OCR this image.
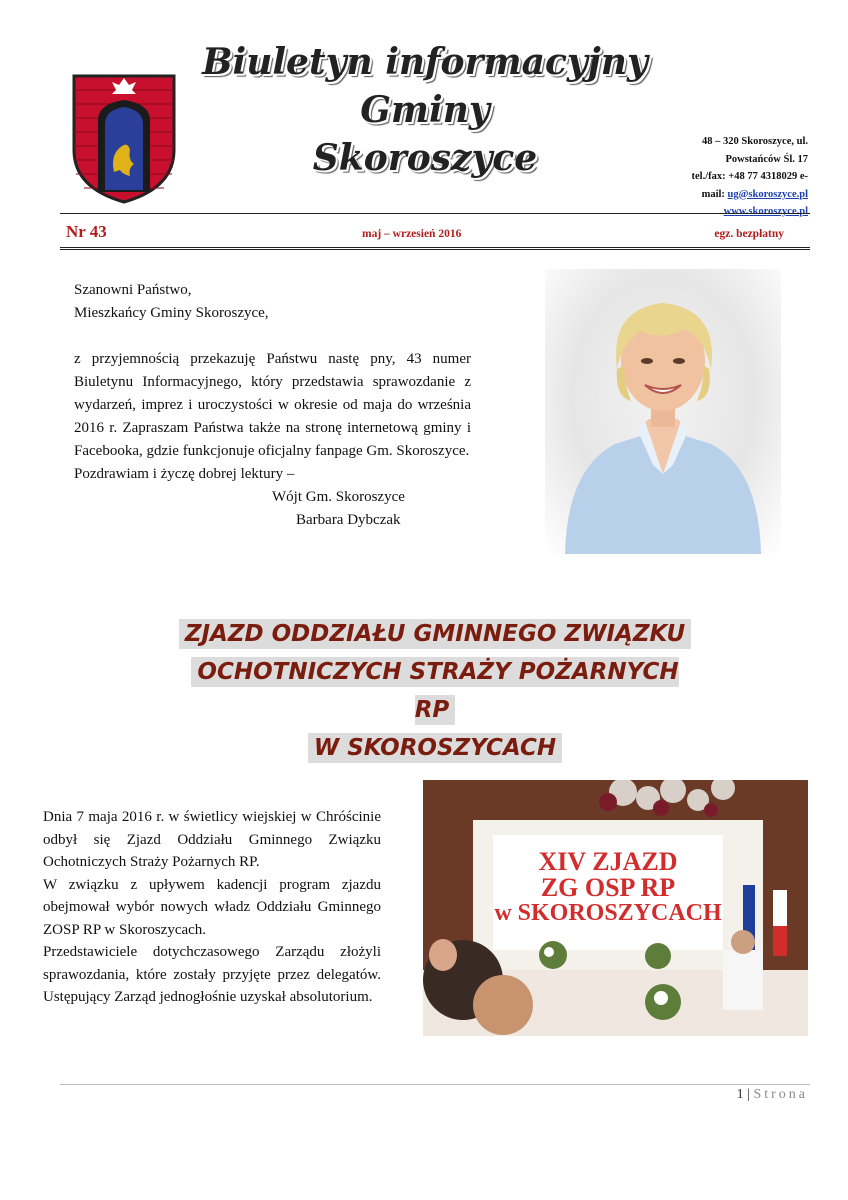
Biuletyn informacyjny
Gminy
Skoroszyce	48 – 320 Skoroszyce, ul.
Powstańców Śl. 17
tel./fax: +48 77 4318029 e-
mail: ug@skoroszyce.pl
www.skoroszyce.pl
Nr 43	maj – wrzesień 2016	egz. bezpłatny

Szanowni Państwo,

Mieszkańcy Gminy Skoroszyce,

z przyjemnością przekazuję Państwu nastę pny, 43 numer Biuletynu Informacyjnego, który przedstawia sprawozdanie z wydarzeń, imprez i uroczystości w okresie od maja do września 2016 r. Zapraszam Państwa także na stronę internetową gminy i Facebooka, gdzie funkcjonuje oficjalny fanpage Gm. Skoroszyce.

Pozdrawiam i życzę dobrej lektury –

Wójt Gm. Skoroszyce

Barbara Dybczak

ZJAZD ODDZIAŁU GMINNEGO ZWIĄZKU
OCHOTNICZYCH STRAŻY POŻARNYCH RP
W SKOROSZYCACH

Dnia 7 maja 2016 r. w świetlicy wiejskiej w Chróścinie odbył się Zjazd Oddziału Gminnego Związku Ochotniczych Straży Pożarnych RP.

W związku z upływem kadencji program zjazdu obejmował wybór nowych władz Oddziału Gminnego ZOSP RP w Skoroszycach.

Przedstawiciele dotychczasowego Zarządu złożyli sprawozdania, które zostały przyjęte przez delegatów. Ustępujący Zarząd jednogłośnie uzyskał absolutorium.

XIV ZJAZD
ZG OSP RP
w SKOROSZYCACH
1 | Strona
